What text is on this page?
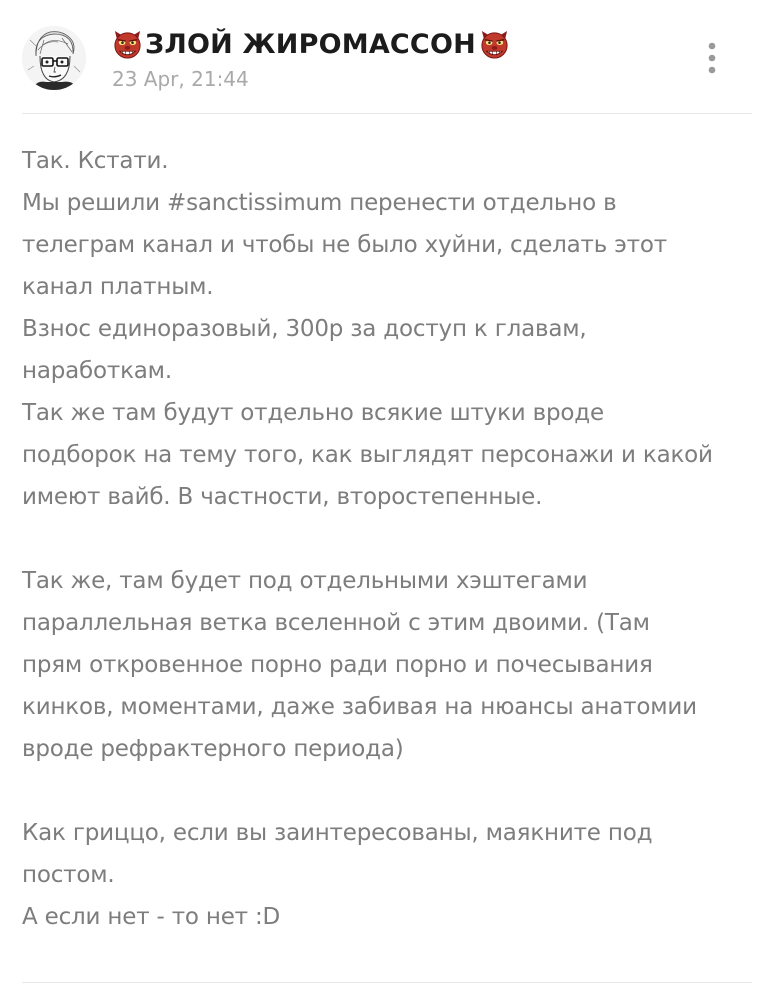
ЗЛОЙ ЖИРОМАССОН
23 Apr, 21:44
Так. Кстати.
Мы решили #sanctissimum перенести отдельно в
телеграм канал и чтобы не было хуйни, сделать этот
канал платным.
Взнос единоразовый, 300р за доступ к главам,
наработкам.
Так же там будут отдельно всякие штуки вроде
подборок на тему того, как выглядят персонажи и какой
имеют вайб. В частности, второстепенные.
Так же, там будет под отдельными хэштегами
параллельная ветка вселенной с этим двоими. (Там
прям откровенное порно ради порно и почесывания
кинков, моментами, даже забивая на нюансы анатомии
вроде рефрактерного периода)
Как гриццо, если вы заинтересованы, маякните под
постом.
А если нет - то нет :D
